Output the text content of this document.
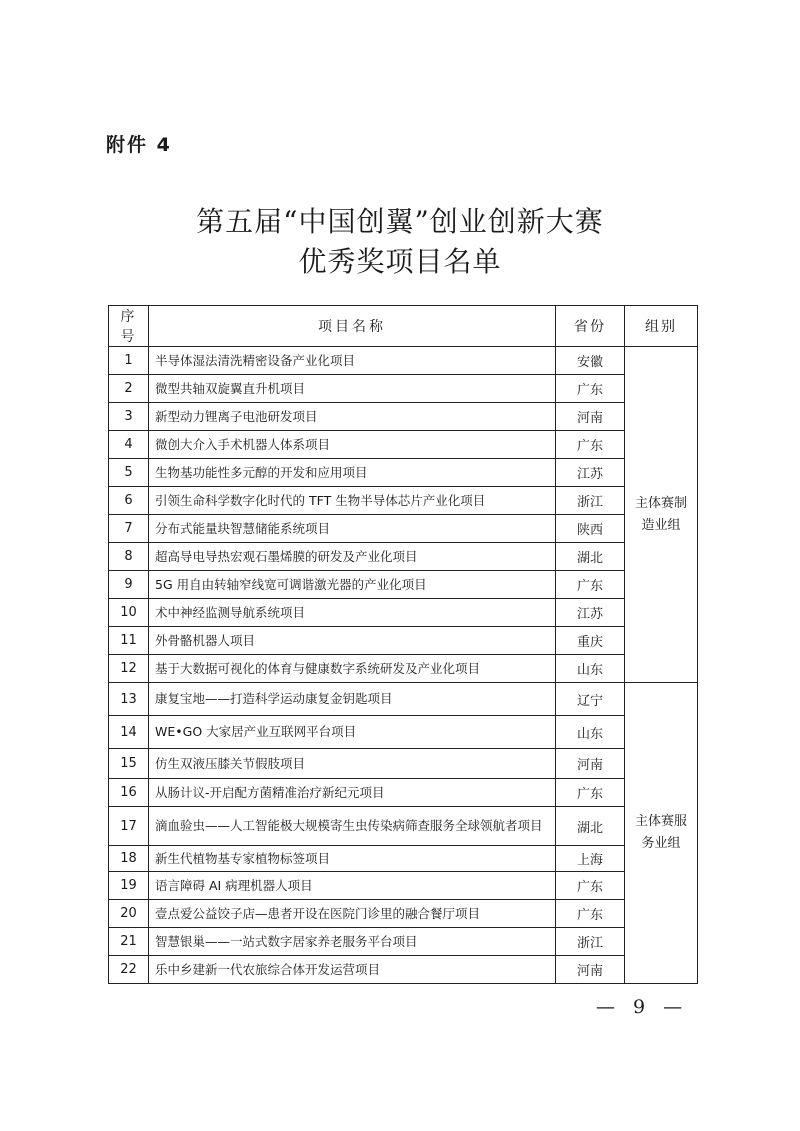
附件 4
第五届“中国创翼”创业创新大赛
优秀奖项目名单
序号	项目名称	省份	组别
1	半导体湿法清洗精密设备产业化项目	安徽	主体赛制造业组
2	微型共轴双旋翼直升机项目	广东	
3	新型动力锂离子电池研发项目	河南	
4	微创大介入手术机器人体系项目	广东	
5	生物基功能性多元醇的开发和应用项目	江苏	
6	引领生命科学数字化时代的 TFT 生物半导体芯片产业化项目	浙江	
7	分布式能量块智慧储能系统项目	陕西	
8	超高导电导热宏观石墨烯膜的研发及产业化项目	湖北	
9	5G 用自由转轴窄线宽可调谐激光器的产业化项目	广东	
10	术中神经监测导航系统项目	江苏	
11	外骨骼机器人项目	重庆	
12	基于大数据可视化的体育与健康数字系统研发及产业化项目	山东	
13	康复宝地——打造科学运动康复金钥匙项目	辽宁	主体赛服务业组
14	WE•GO 大家居产业互联网平台项目	山东	
15	仿生双液压膝关节假肢项目	河南	
16	从肠计议-开启配方菌精准治疗新纪元项目	广东	
17	滴血验虫——人工智能极大规模寄生虫传染病筛查服务全球领航者项目	湖北	
18	新生代植物基专家植物标签项目	上海	
19	语言障碍 AI 病理机器人项目	广东	
20	壹点爱公益饺子店—患者开设在医院门诊里的融合餐厅项目	广东	
21	智慧银巢——一站式数字居家养老服务平台项目	浙江	
22	乐中乡建新一代农旅综合体开发运营项目	河南	
— 9 —
